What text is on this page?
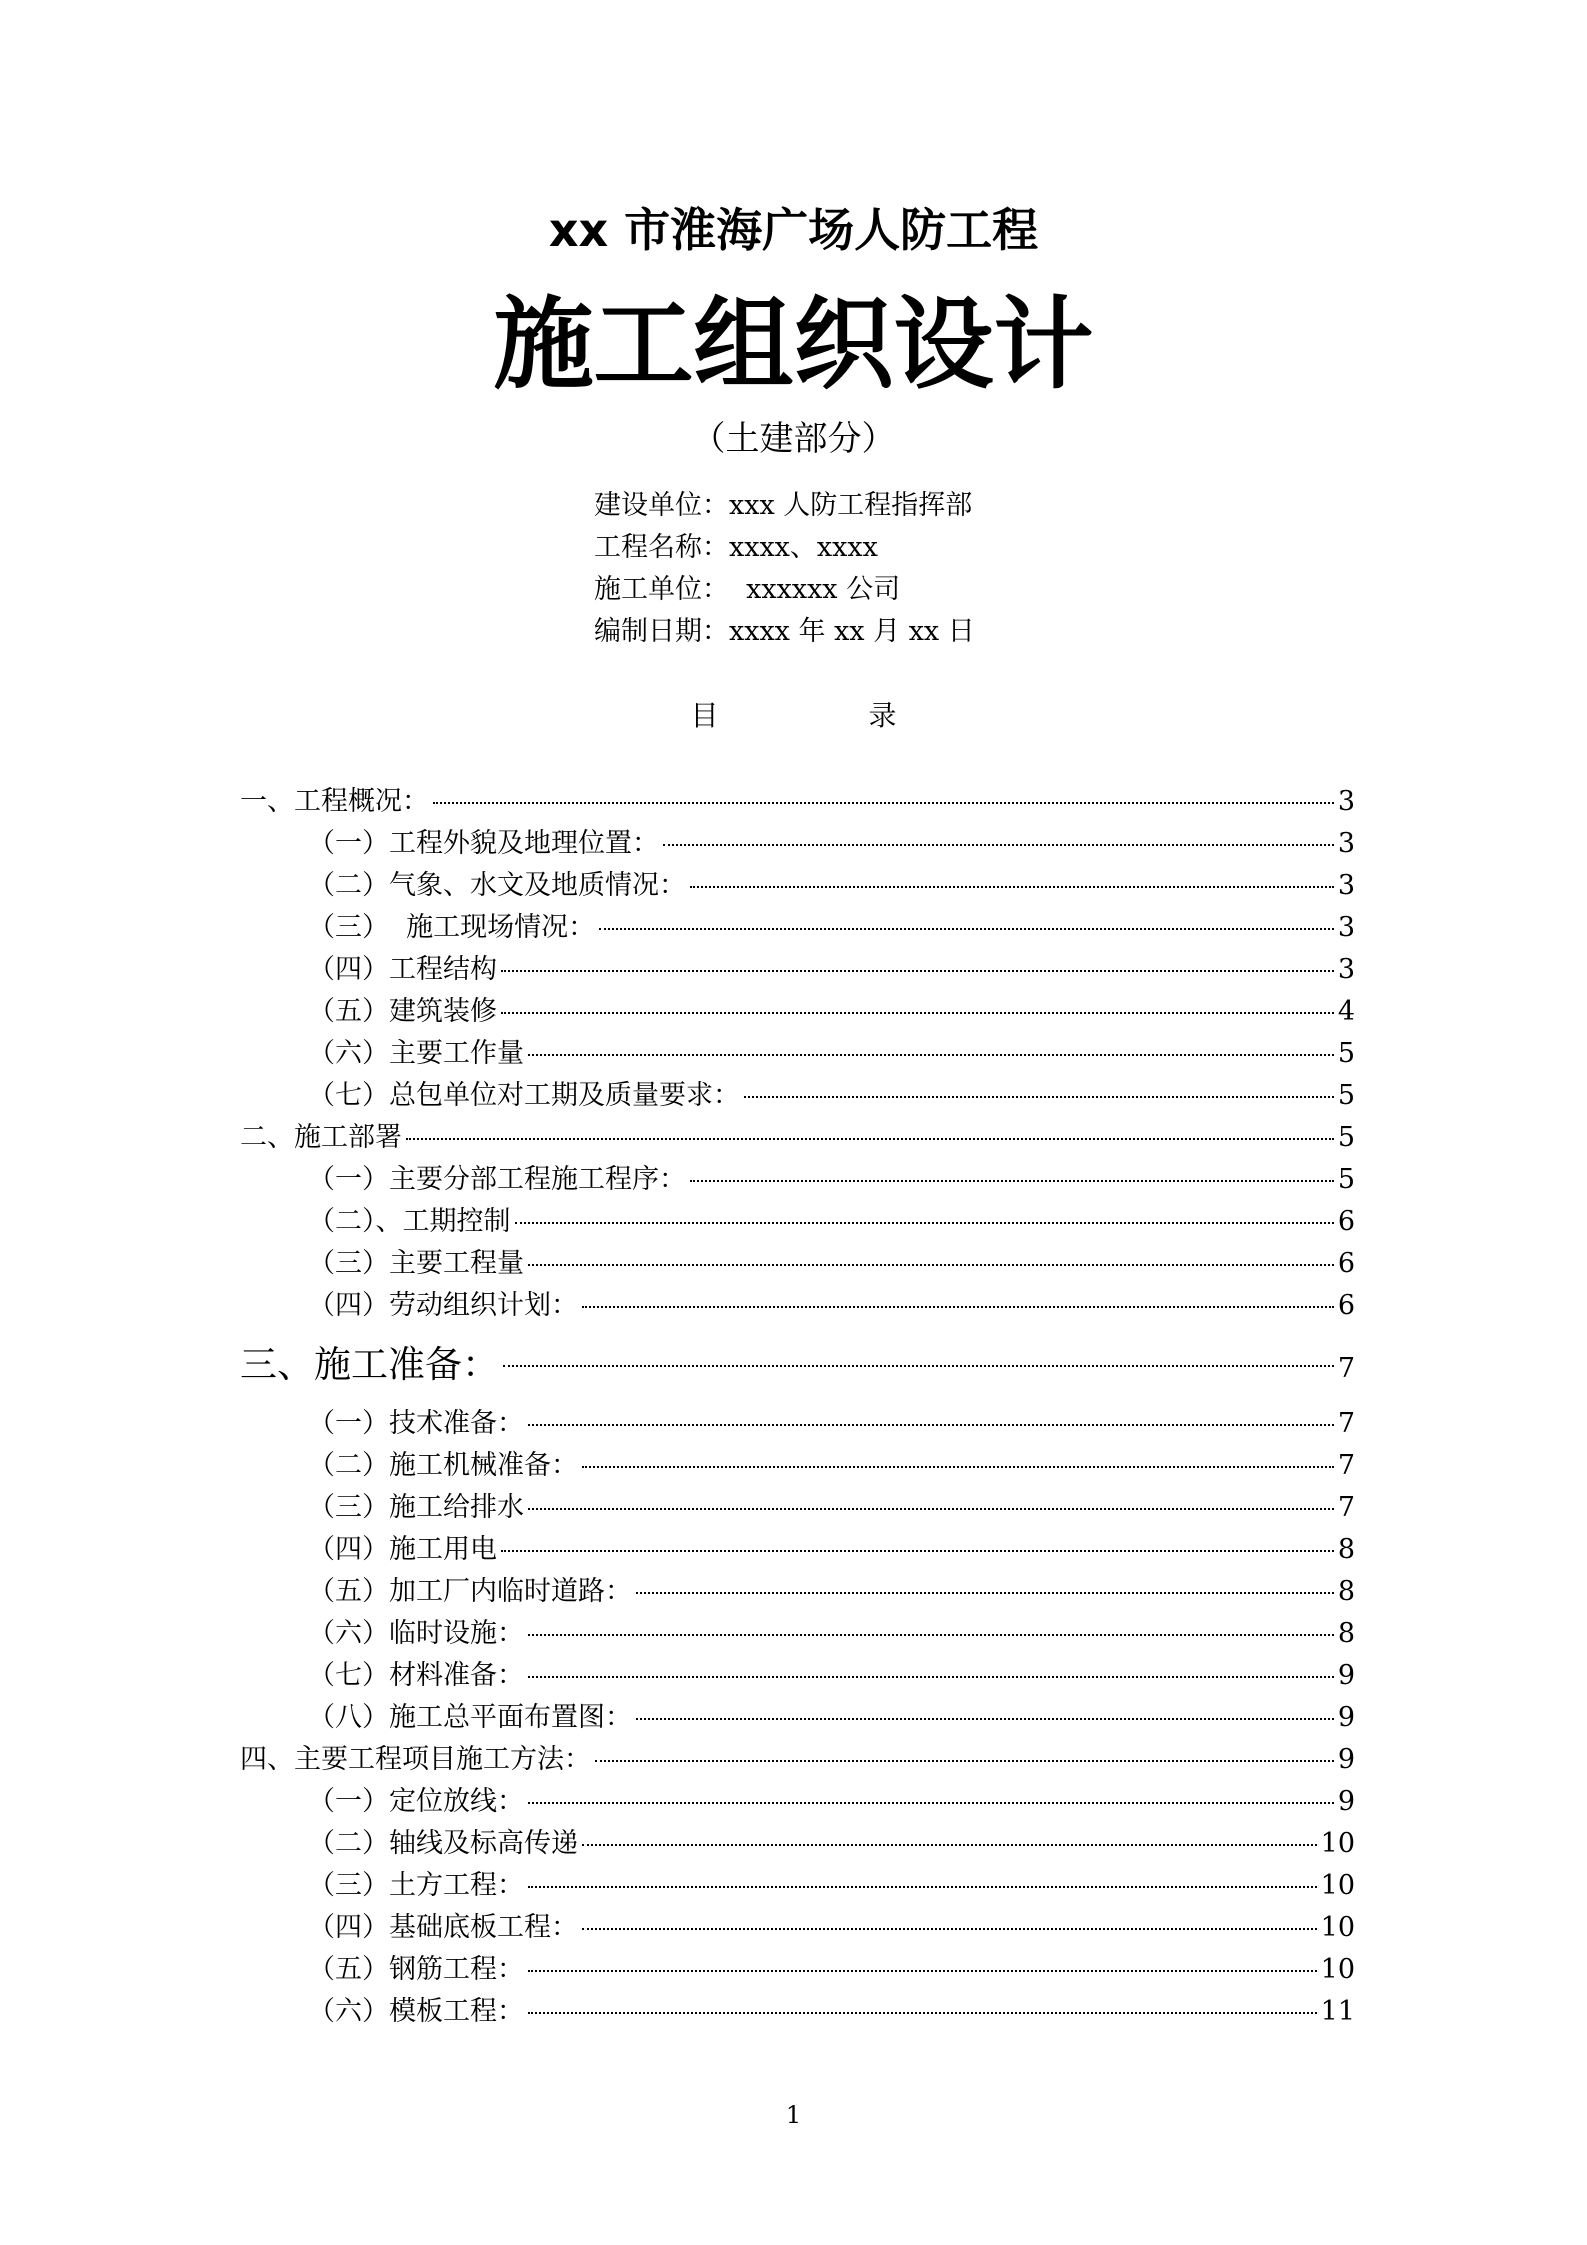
xx 市淮海广场人防工程
施工组织设计
（土建部分）
建设单位：xxx 人防工程指挥部
工程名称：xxxx、xxxx
施工单位：  xxxxxx 公司
编制日期：xxxx 年 xx 月 xx 日
目录
一、工程概况：	3
（一）工程外貌及地理位置：	3
（二）气象、水文及地质情况：	3
（三）  施工现场情况：	3
（四）工程结构	3
（五）建筑装修	4
（六）主要工作量	5
（七）总包单位对工期及质量要求：	5
二、施工部署	5
（一）主要分部工程施工程序：	5
（二）、工期控制	6
（三）主要工程量	6
（四）劳动组织计划：	6
三、施工准备：	7
（一）技术准备：	7
（二）施工机械准备：	7
（三）施工给排水	7
（四）施工用电	8
（五）加工厂内临时道路：	8
（六）临时设施：	8
（七）材料准备：	9
（八）施工总平面布置图：	9
四、主要工程项目施工方法：	9
（一）定位放线：	9
（二）轴线及标高传递	10
（三）土方工程：	10
（四）基础底板工程：	10
（五）钢筋工程：	10
（六）模板工程：	11
1
